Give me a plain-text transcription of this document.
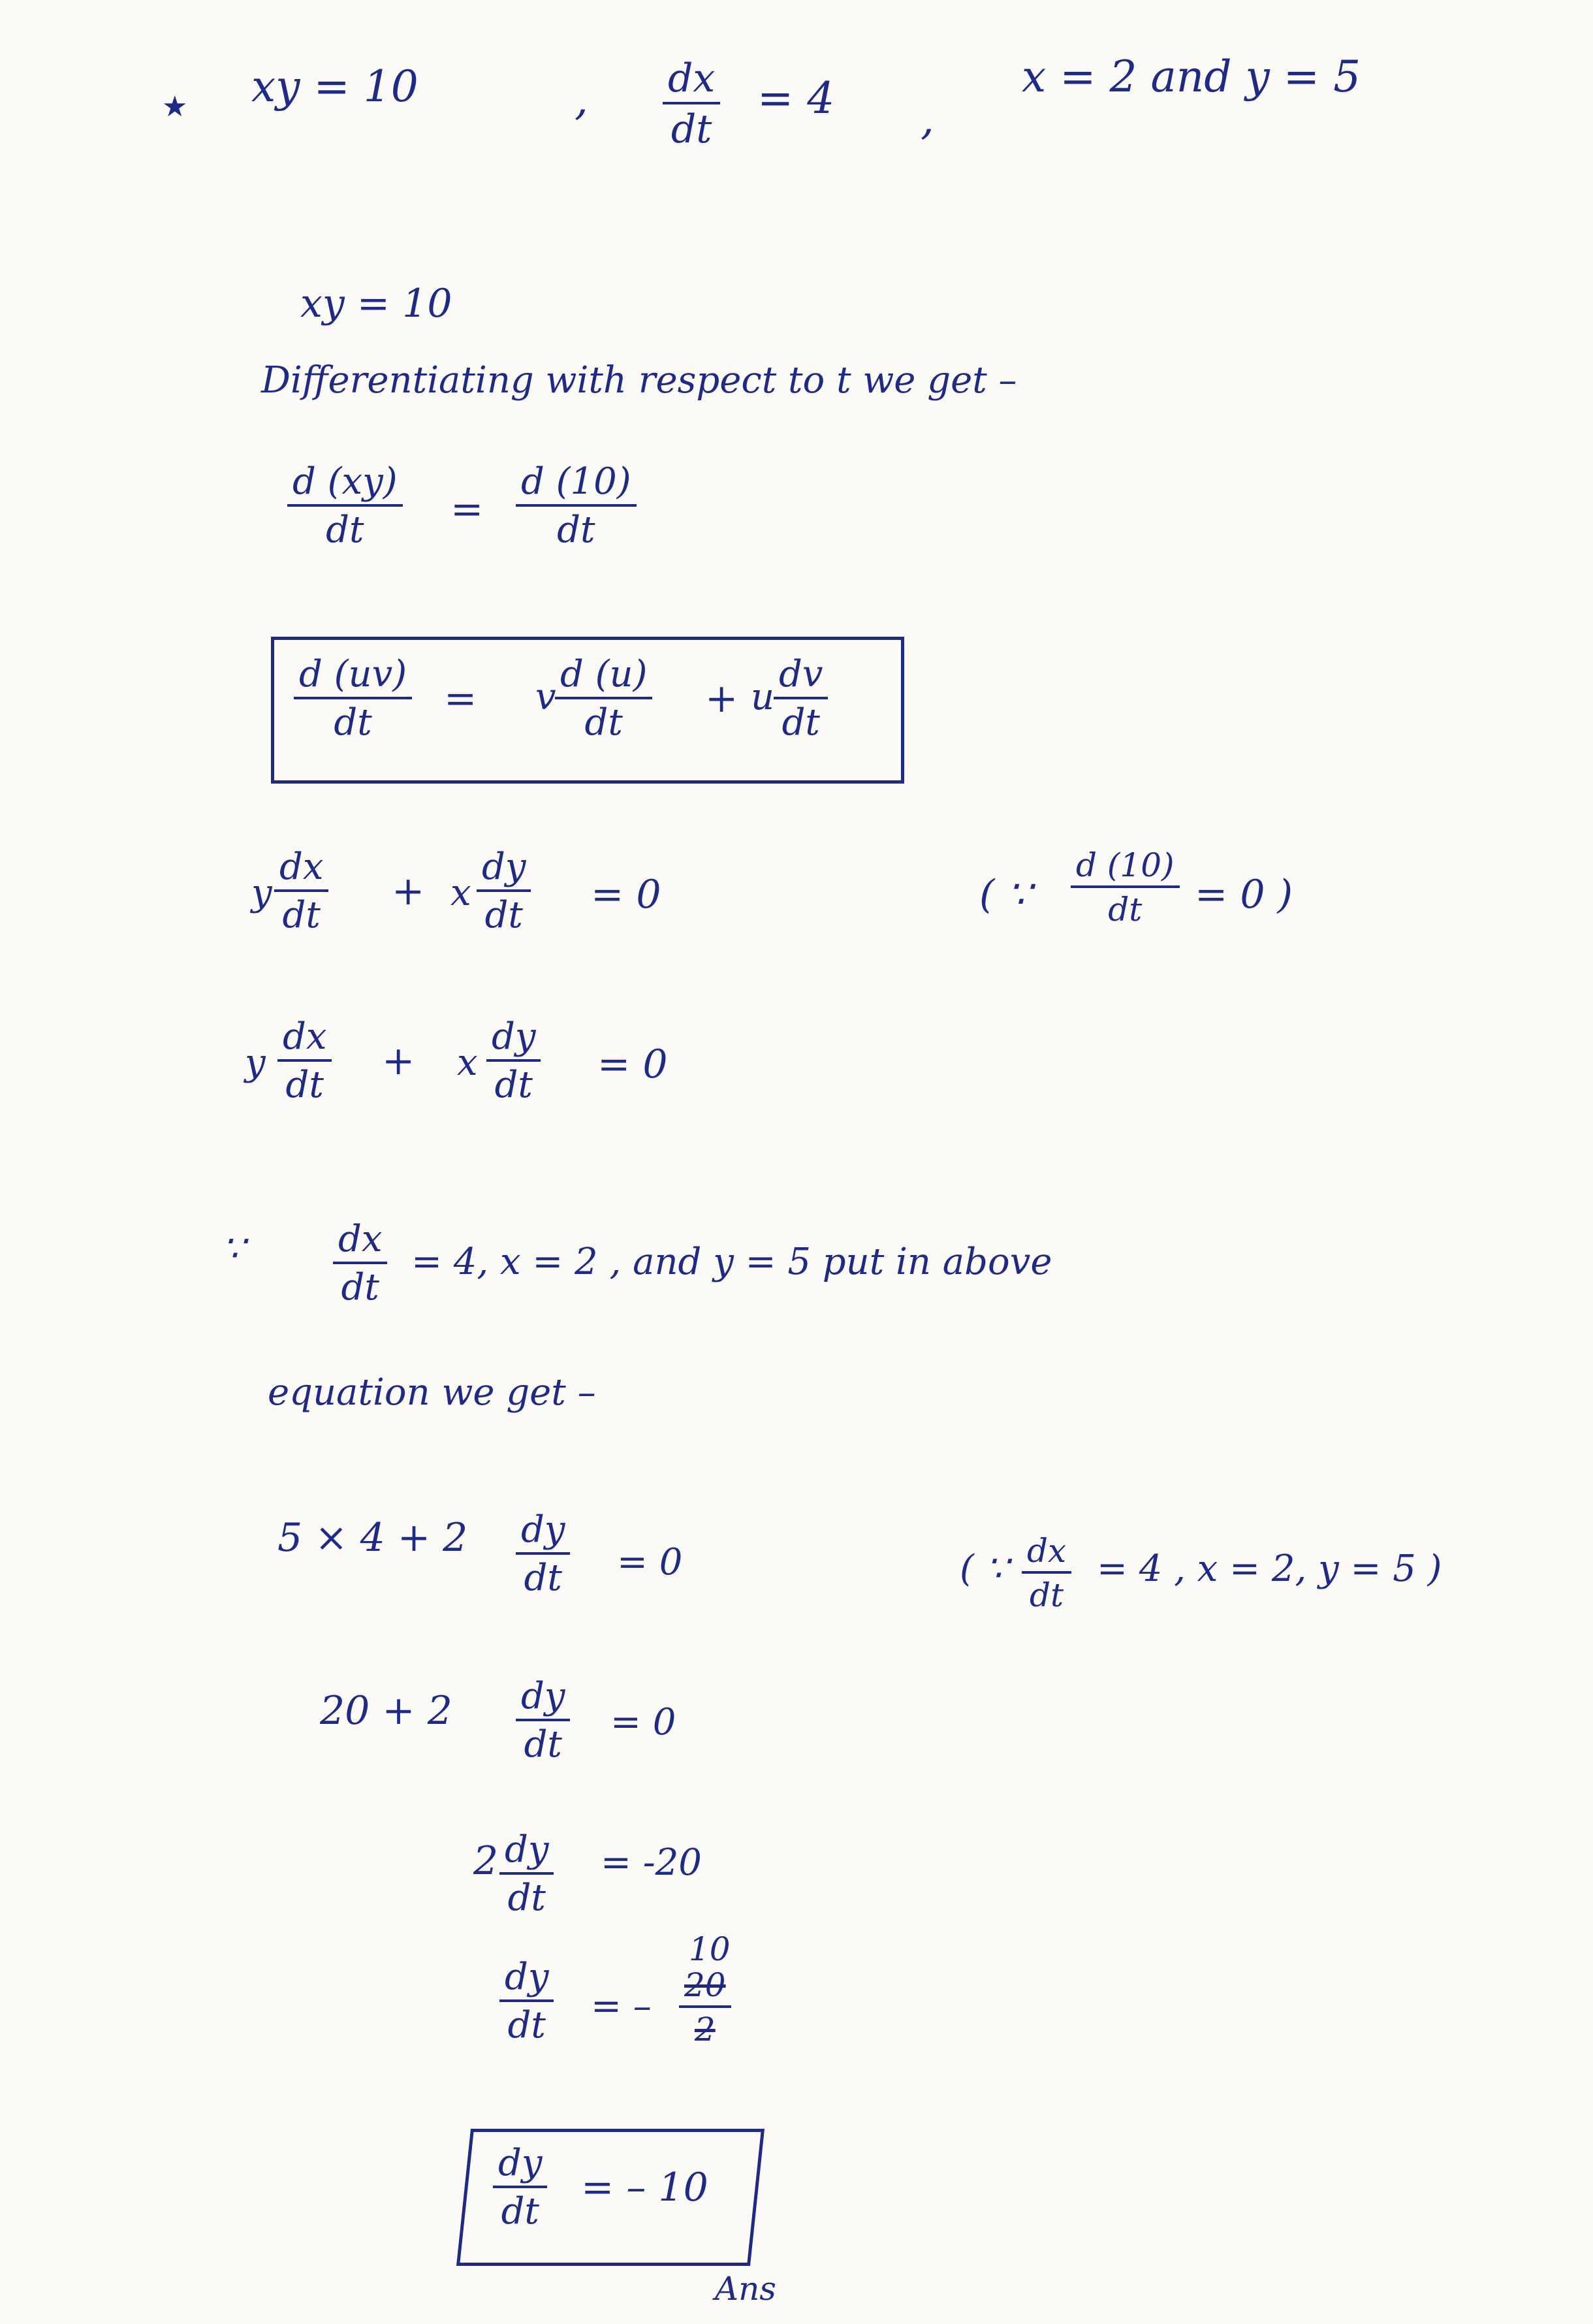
★ xy = 10	, $\frac{dx}{dt} = 4$ ,
x = 2 and y = 5
xy = 10
Differentiating with respect to t we get –
$\frac{d (xy)}{dt} = \frac{d (10)}{dt}$
$\frac{d (uv)}{dt} = v$
$\frac{d (u)}{dt} + u$
$\frac{dv}{dt}$
y $\frac{dx}{dt} + x \frac{dy}{dt} = 0$	( ∵ $\frac{d (10)}{dt} = 0$ )
y $\frac{dx}{dt} + x \frac{dy}{dt} = 0$
∵ $\frac{dx}{dt} = 4$, x = 2 , and y = 5 put in above
equation we get –
$5 \times 4 + 2 \frac{dy}{dt} = 0$	( ∵ $\frac{dx}{dt} = 4$ , x = 2, y = 5 )
$20 + 2 \frac{dy}{dt} = 0$
$2 \frac{dy}{dt} = -20$
$\frac{dy}{dt}$ = –
10
$\frac{20}{2}$
$\frac{dy}{dt}$ = – 10
Ans
